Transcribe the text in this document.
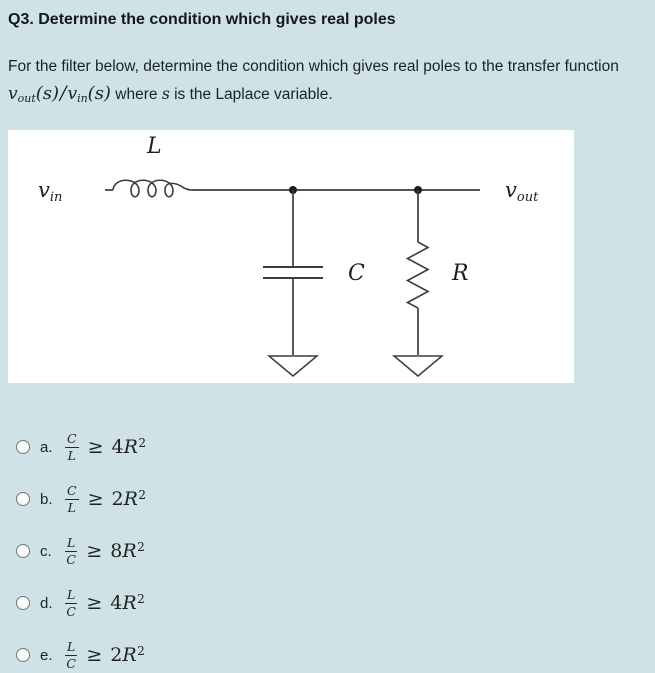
Q3. Determine the condition which gives real poles

For the filter below, determine the condition which gives real poles to the transfer function vout(s)/vin(s) where s is the Laplace variable.

vin
L
C	R
vout
a. $\frac{C}{L} \ge 4R^2$
b. $\frac{C}{L} \ge 2R^2$
c.	$\frac{L}{C} \ge 8R^2$
d. $\frac{L}{C} \ge 4R^2$
e. $\frac{L}{C} \ge 2R^2$
